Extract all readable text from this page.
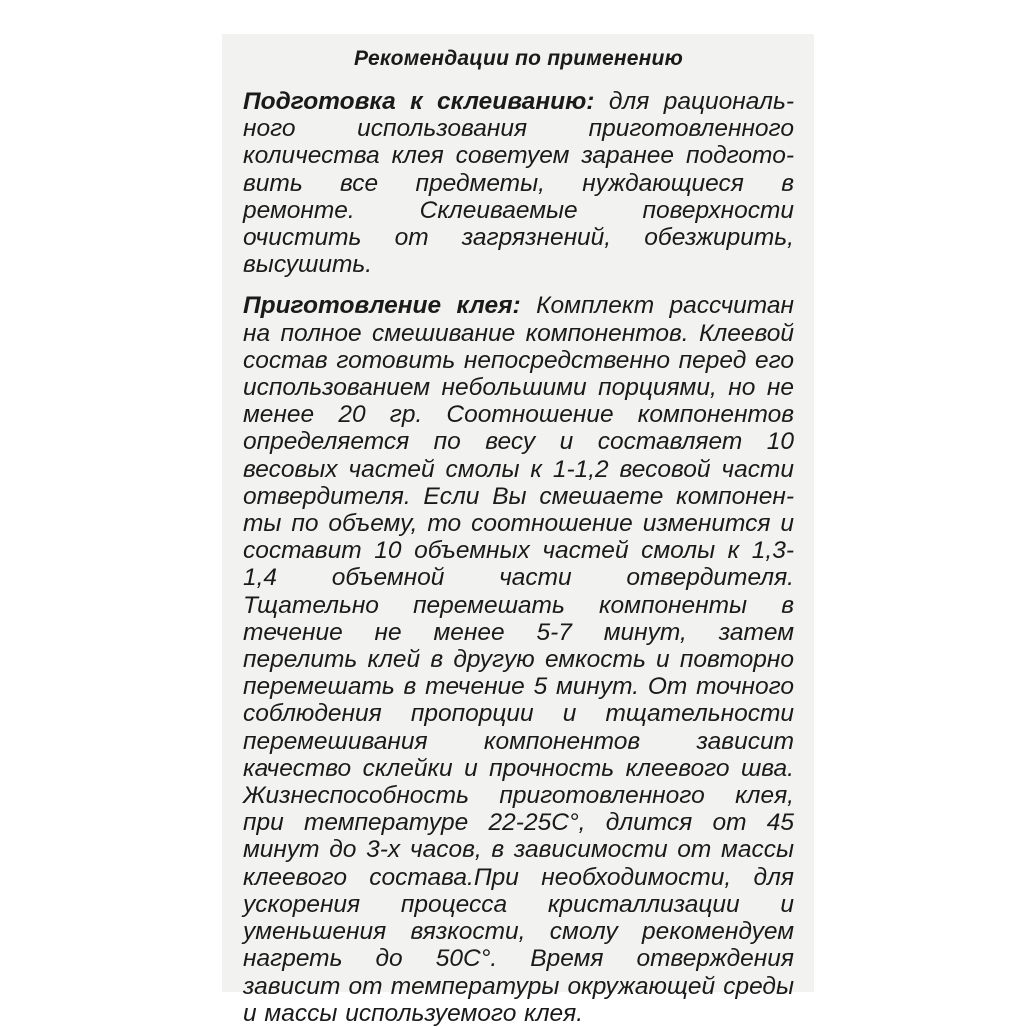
Рекомендации по применению

Подготовка к склеиванию: для рационального использования приготовленного количества клея советуем заранее подготовить все предметы, нуждающиеся в ремонте. Склеиваемые поверхности очистить от загрязнений, обезжирить, высушить.

Приготовление клея: Комплект рассчитан на полное смешивание компонентов. Клеевой состав готовить непосредственно перед его использованием небольшими порциями, но не менее 20 гр. Соотношение компонентов определяется по весу и составляет 10 весовых частей смолы к 1-1,2 весовой части отвердителя. Если Вы смешаете компоненты по объему, то соотношение изменится и составит 10 объемных частей смолы к 1,3-1,4 объемной части отвердителя. Тщательно перемешать компоненты в течение не менее 5-7 минут, затем перелить клей в другую емкость и повторно перемешать в течение 5 минут. От точного соблюдения пропорции и тщательности перемешивания компонентов зависит качество склейки и прочность клеевого шва. Жизнеспособность приготовленного клея, при температуре 22-25С°, длится от 45 минут до 3-х часов, в зависимости от массы клеевого состава.При необходимости, для ускорения процесса кристаллизации и уменьшения вязкости, смолу рекомендуем нагреть до 50С°. Время отверждения зависит от температуры окружающей среды и массы используемого клея.
